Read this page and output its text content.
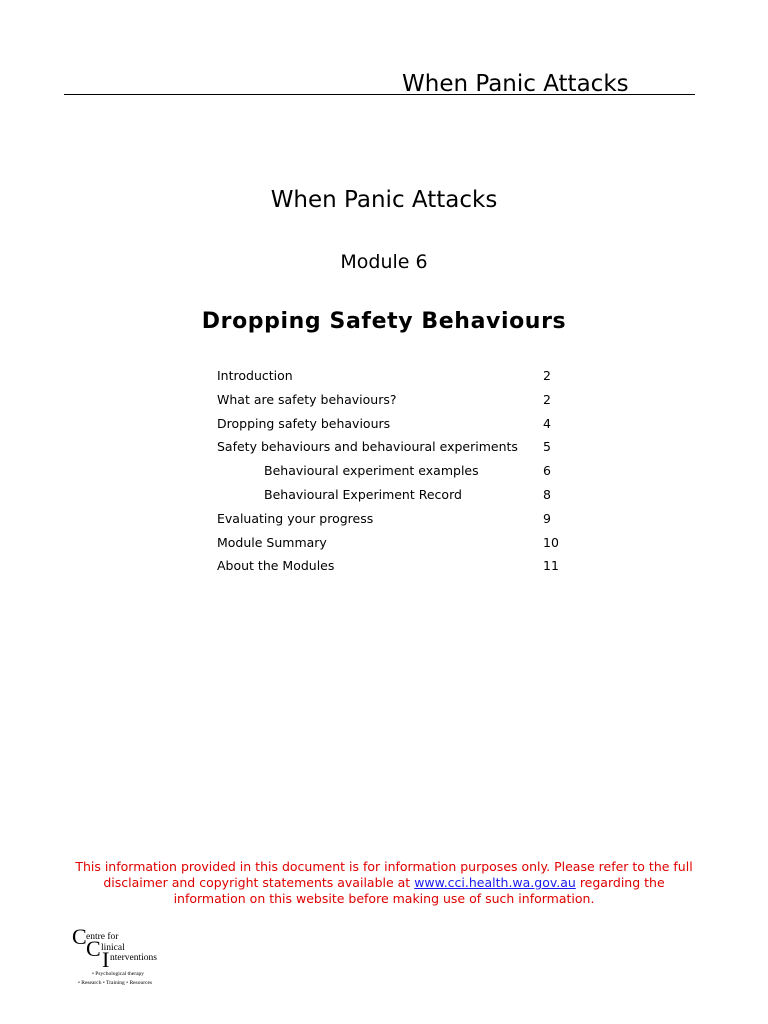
When Panic Attacks
When Panic Attacks
Module 6
Dropping Safety Behaviours
Introduction	2
What are safety behaviours?	2
Dropping safety behaviours	4
Safety behaviours and behavioural experiments 5
Behavioural experiment examples	6
Behavioural Experiment Record	8
Evaluating your progress	9
Module Summary	10
About the Modules	11
This information provided in this document is for information purposes only. Please refer to the full disclaimer and copyright statements available at www.cci.health.wa.gov.au regarding the information on this website before making use of such information.
C entre for
C linical
I nterventions
• Psychological therapy
• Research • Training • Resources
